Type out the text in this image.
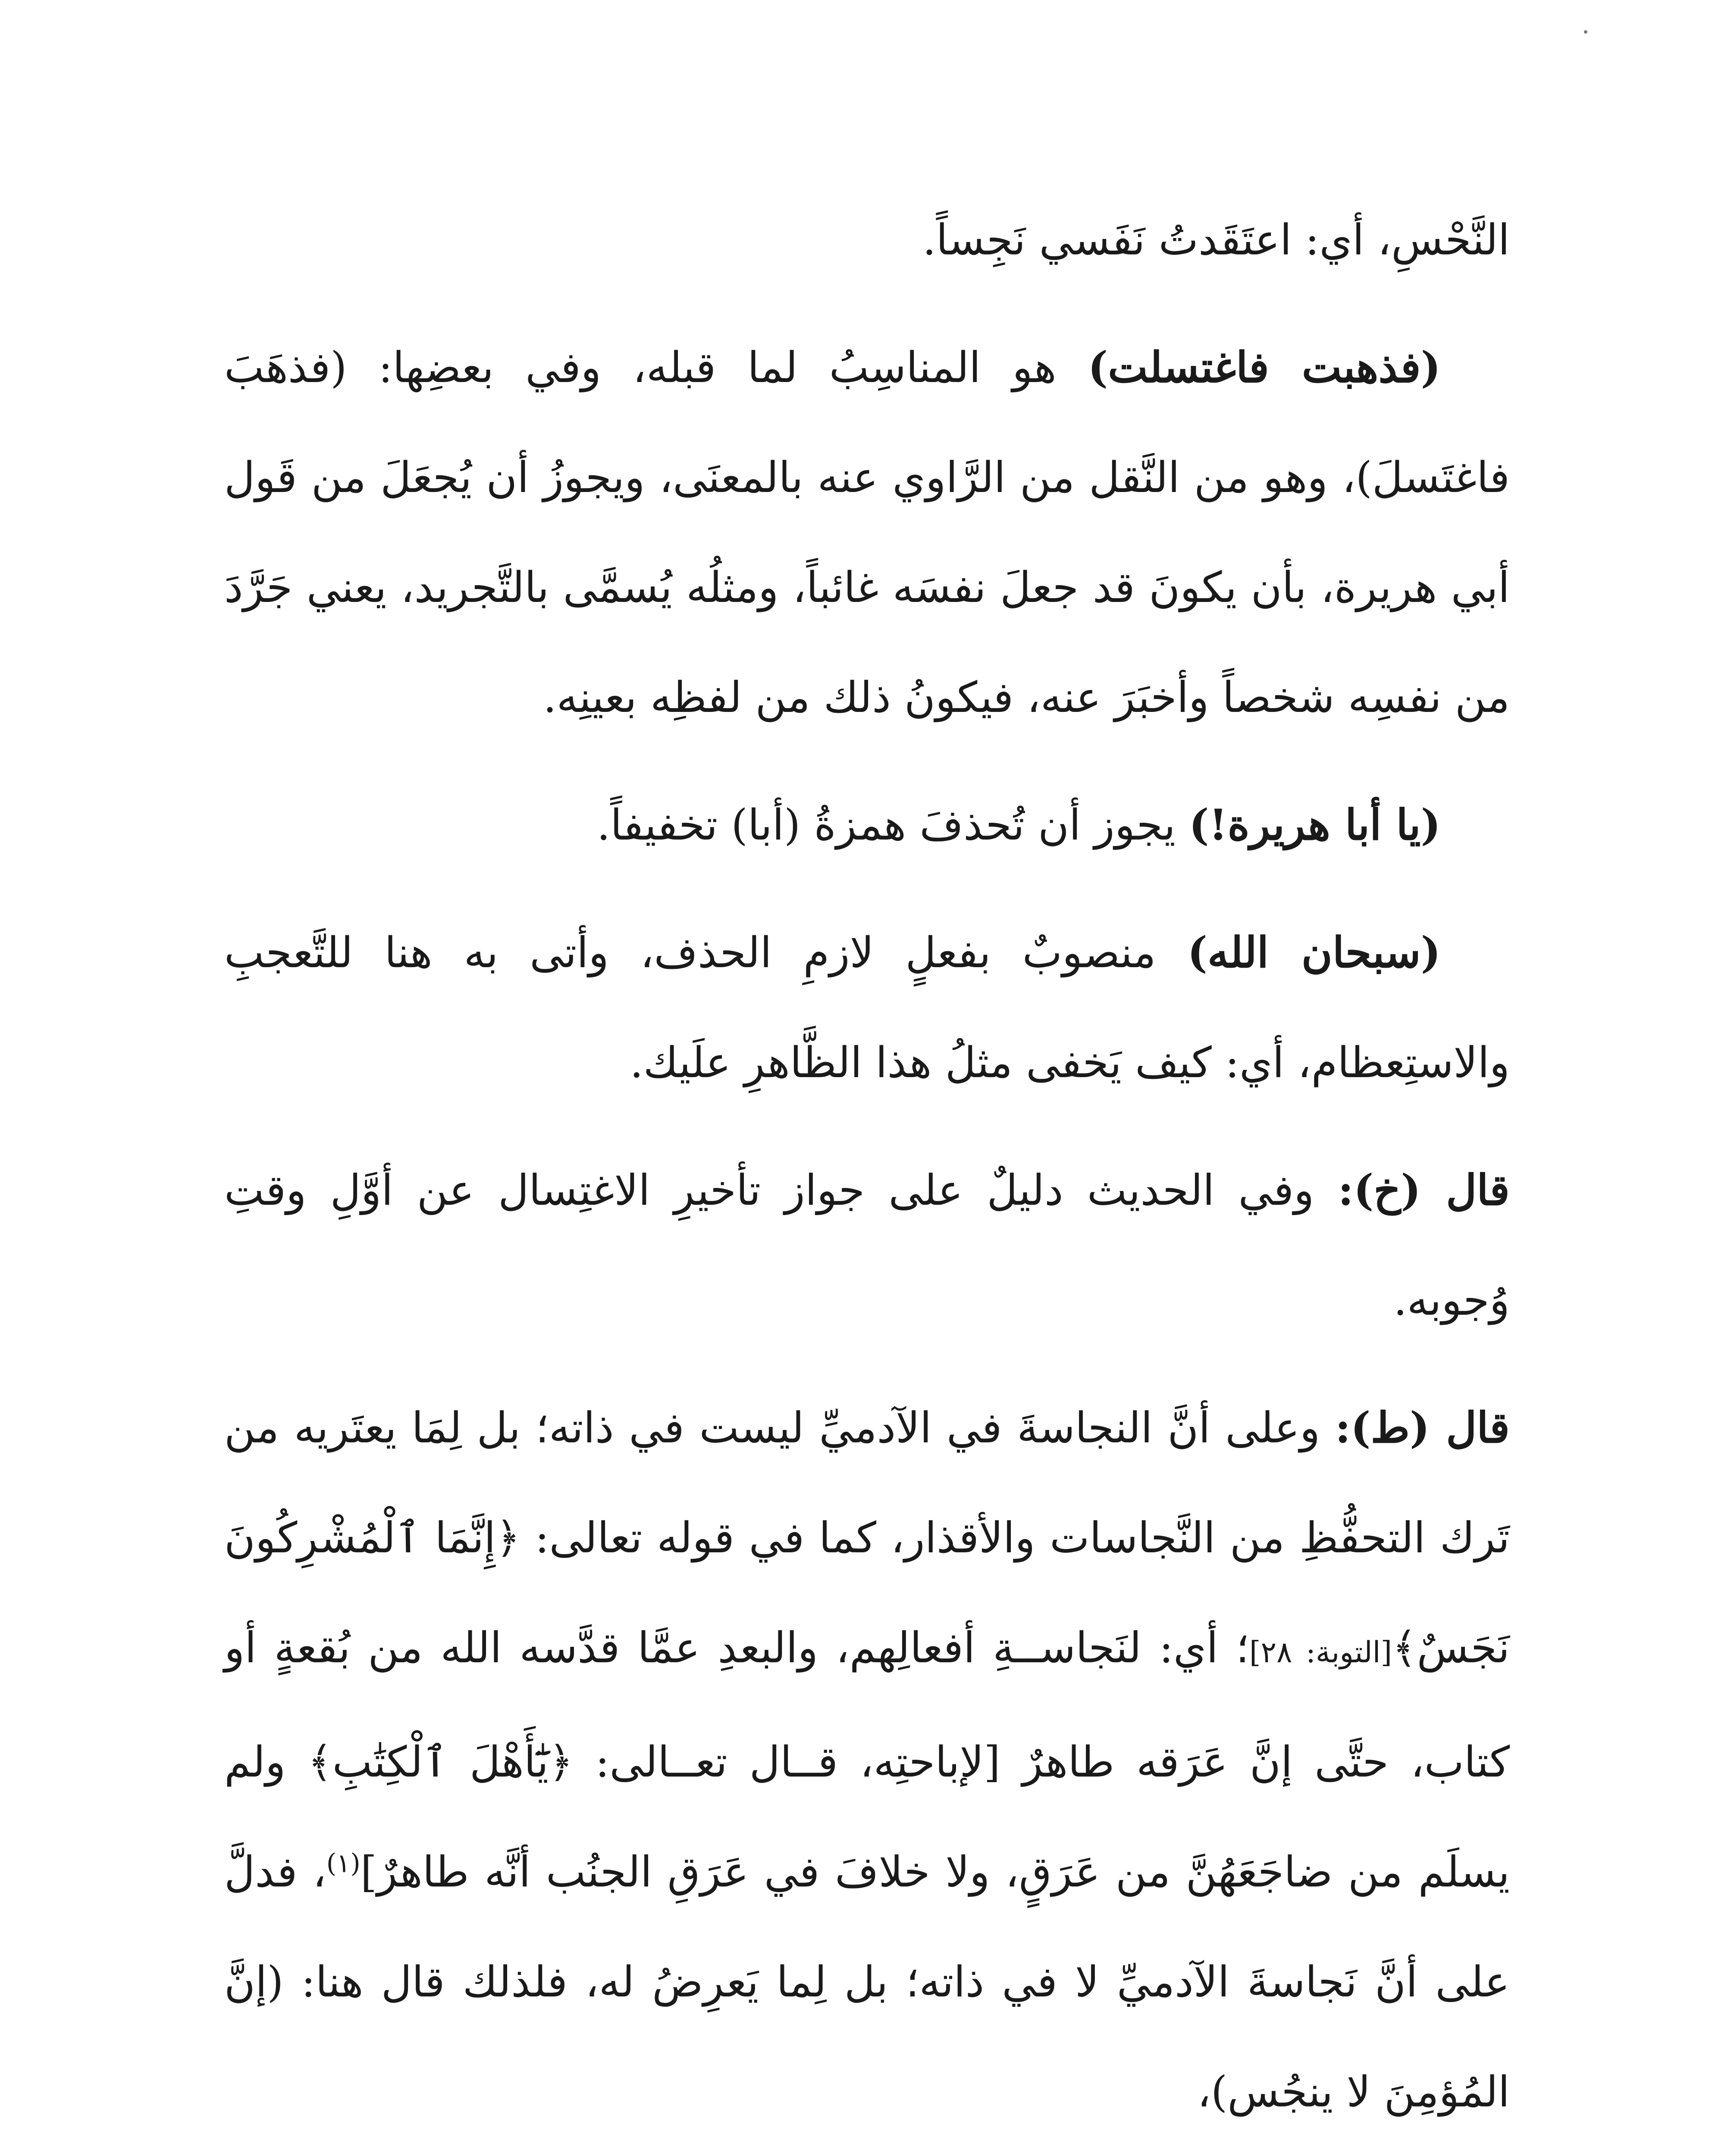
النَّحْسِ، أي: اعتَقَدتُ نَفَسي نَجِساً.

(فذهبت فاغتسلت) هو المناسِبُ لما قبله، وفي بعضِها: (فذهَبَ فاغتَسلَ)، وهو من النَّقل من الرَّاوي عنه بالمعنَى، ويجوزُ أن يُجعَلَ من قَول أبي هريرة، بأن يكونَ قد جعلَ نفسَه غائباً، ومثلُه يُسمَّى بالتَّجريد، يعني جَرَّدَ من نفسِه شخصاً وأخبَرَ عنه، فيكونُ ذلك من لفظِه بعينِه.

(يا أبا هريرة!) يجوز أن تُحذفَ همزةُ (أبا) تخفيفاً.

(سبحان الله) منصوبٌ بفعلٍ لازمِ الحذف، وأتى به هنا للتَّعجبِ والاستِعظام، أي: كيف يَخفى مثلُ هذا الظَّاهرِ علَيك.

قال (خ): وفي الحديث دليلٌ على جواز تأخيرِ الاغتِسال عن أوَّلِ وقتِ وُجوبه.

قال (ط): وعلى أنَّ النجاسةَ في الآدميِّ ليست في ذاته؛ بل لِمَا يعتَريه من تَرك التحفُّظِ من النَّجاسات والأقذار، كما في قوله تعالى: ﴿إِنَّمَا ٱلْمُشْرِكُونَ نَجَسٌ﴾[التوبة: ٢٨]؛ أي: لنَجاســةِ أفعالِهم، والبعدِ عمَّا قدَّسه الله من بُقعةٍ أو كتاب، حتَّى إنَّ عَرَقه طاهرٌ [لإباحتِه، قــال تعــالى: ﴿يَٰٓأَهْلَ ٱلْكِتَٰبِ﴾ ولم يسلَم من ضاجَعَهُنَّ من عَرَقٍ، ولا خلافَ في عَرَقِ الجنُب أنَّه طاهرٌ]$^{(١)}$، فدلَّ على أنَّ نَجاسةَ الآدميِّ لا في ذاته؛ بل لِما يَعرِضُ له، فلذلك قال هنا: (إنَّ المُؤمِنَ لا ينجُس)،
